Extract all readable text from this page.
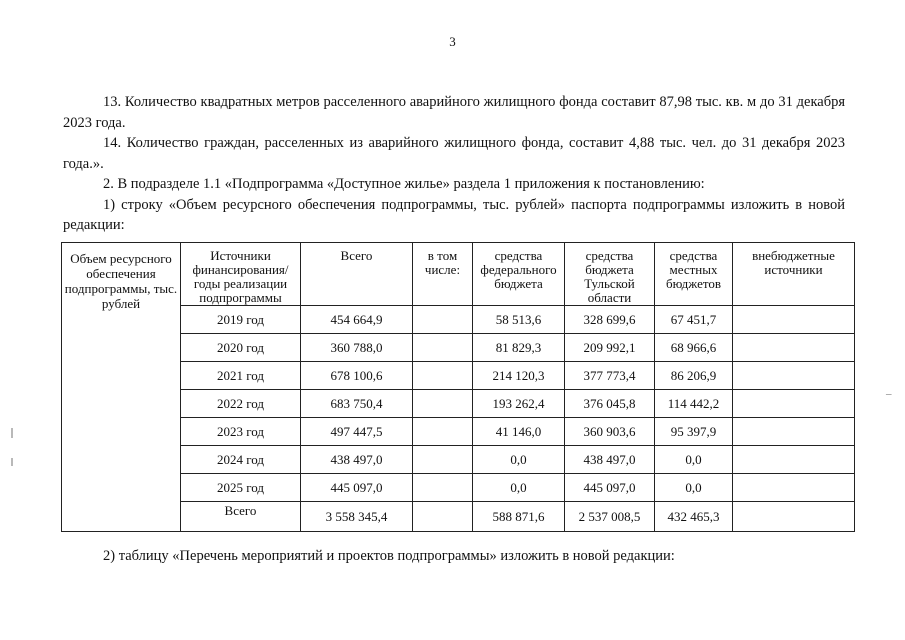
3

13. Количество квадратных метров расселенного аварийного жилищного фонда составит 87,98 тыс. кв. м до 31 декабря 2023 года.

14. Количество граждан, расселенных из аварийного жилищного фонда, составит 4,88 тыс. чел. до 31 декабря 2023 года.».

2. В подразделе 1.1 «Подпрограмма «Доступное жилье» раздела 1 приложения к постановлению:

1) строку «Объем ресурсного обеспечения подпрограммы, тыс. рублей» паспорта подпрограммы изложить в новой редакции:

Объем ресурсного обеспечения подпрограммы, тыс. рублей	Источники финансирования/ годы реализации подпрограммы	Всего	в том числе:	средства федерального бюджета	средства бюджета Тульской области	средства местных бюджетов	внебюджетные источники
	2019 год	454 664,9		58 513,6	328 699,6	67 451,7	
	2020 год	360 788,0		81 829,3	209 992,1	68 966,6	
	2021 год	678 100,6		214 120,3	377 773,4	86 206,9	
	2022 год	683 750,4		193 262,4	376 045,8	114 442,2	
	2023 год	497 447,5		41 146,0	360 903,6	95 397,9	
	2024 год	438 497,0		0,0	438 497,0	0,0	
	2025 год	445 097,0		0,0	445 097,0	0,0	
	Всего	3 558 345,4		588 871,6	2 537 008,5	432 465,3	
2) таблицу «Перечень мероприятий и проектов подпрограммы» изложить в новой редакции:
–
